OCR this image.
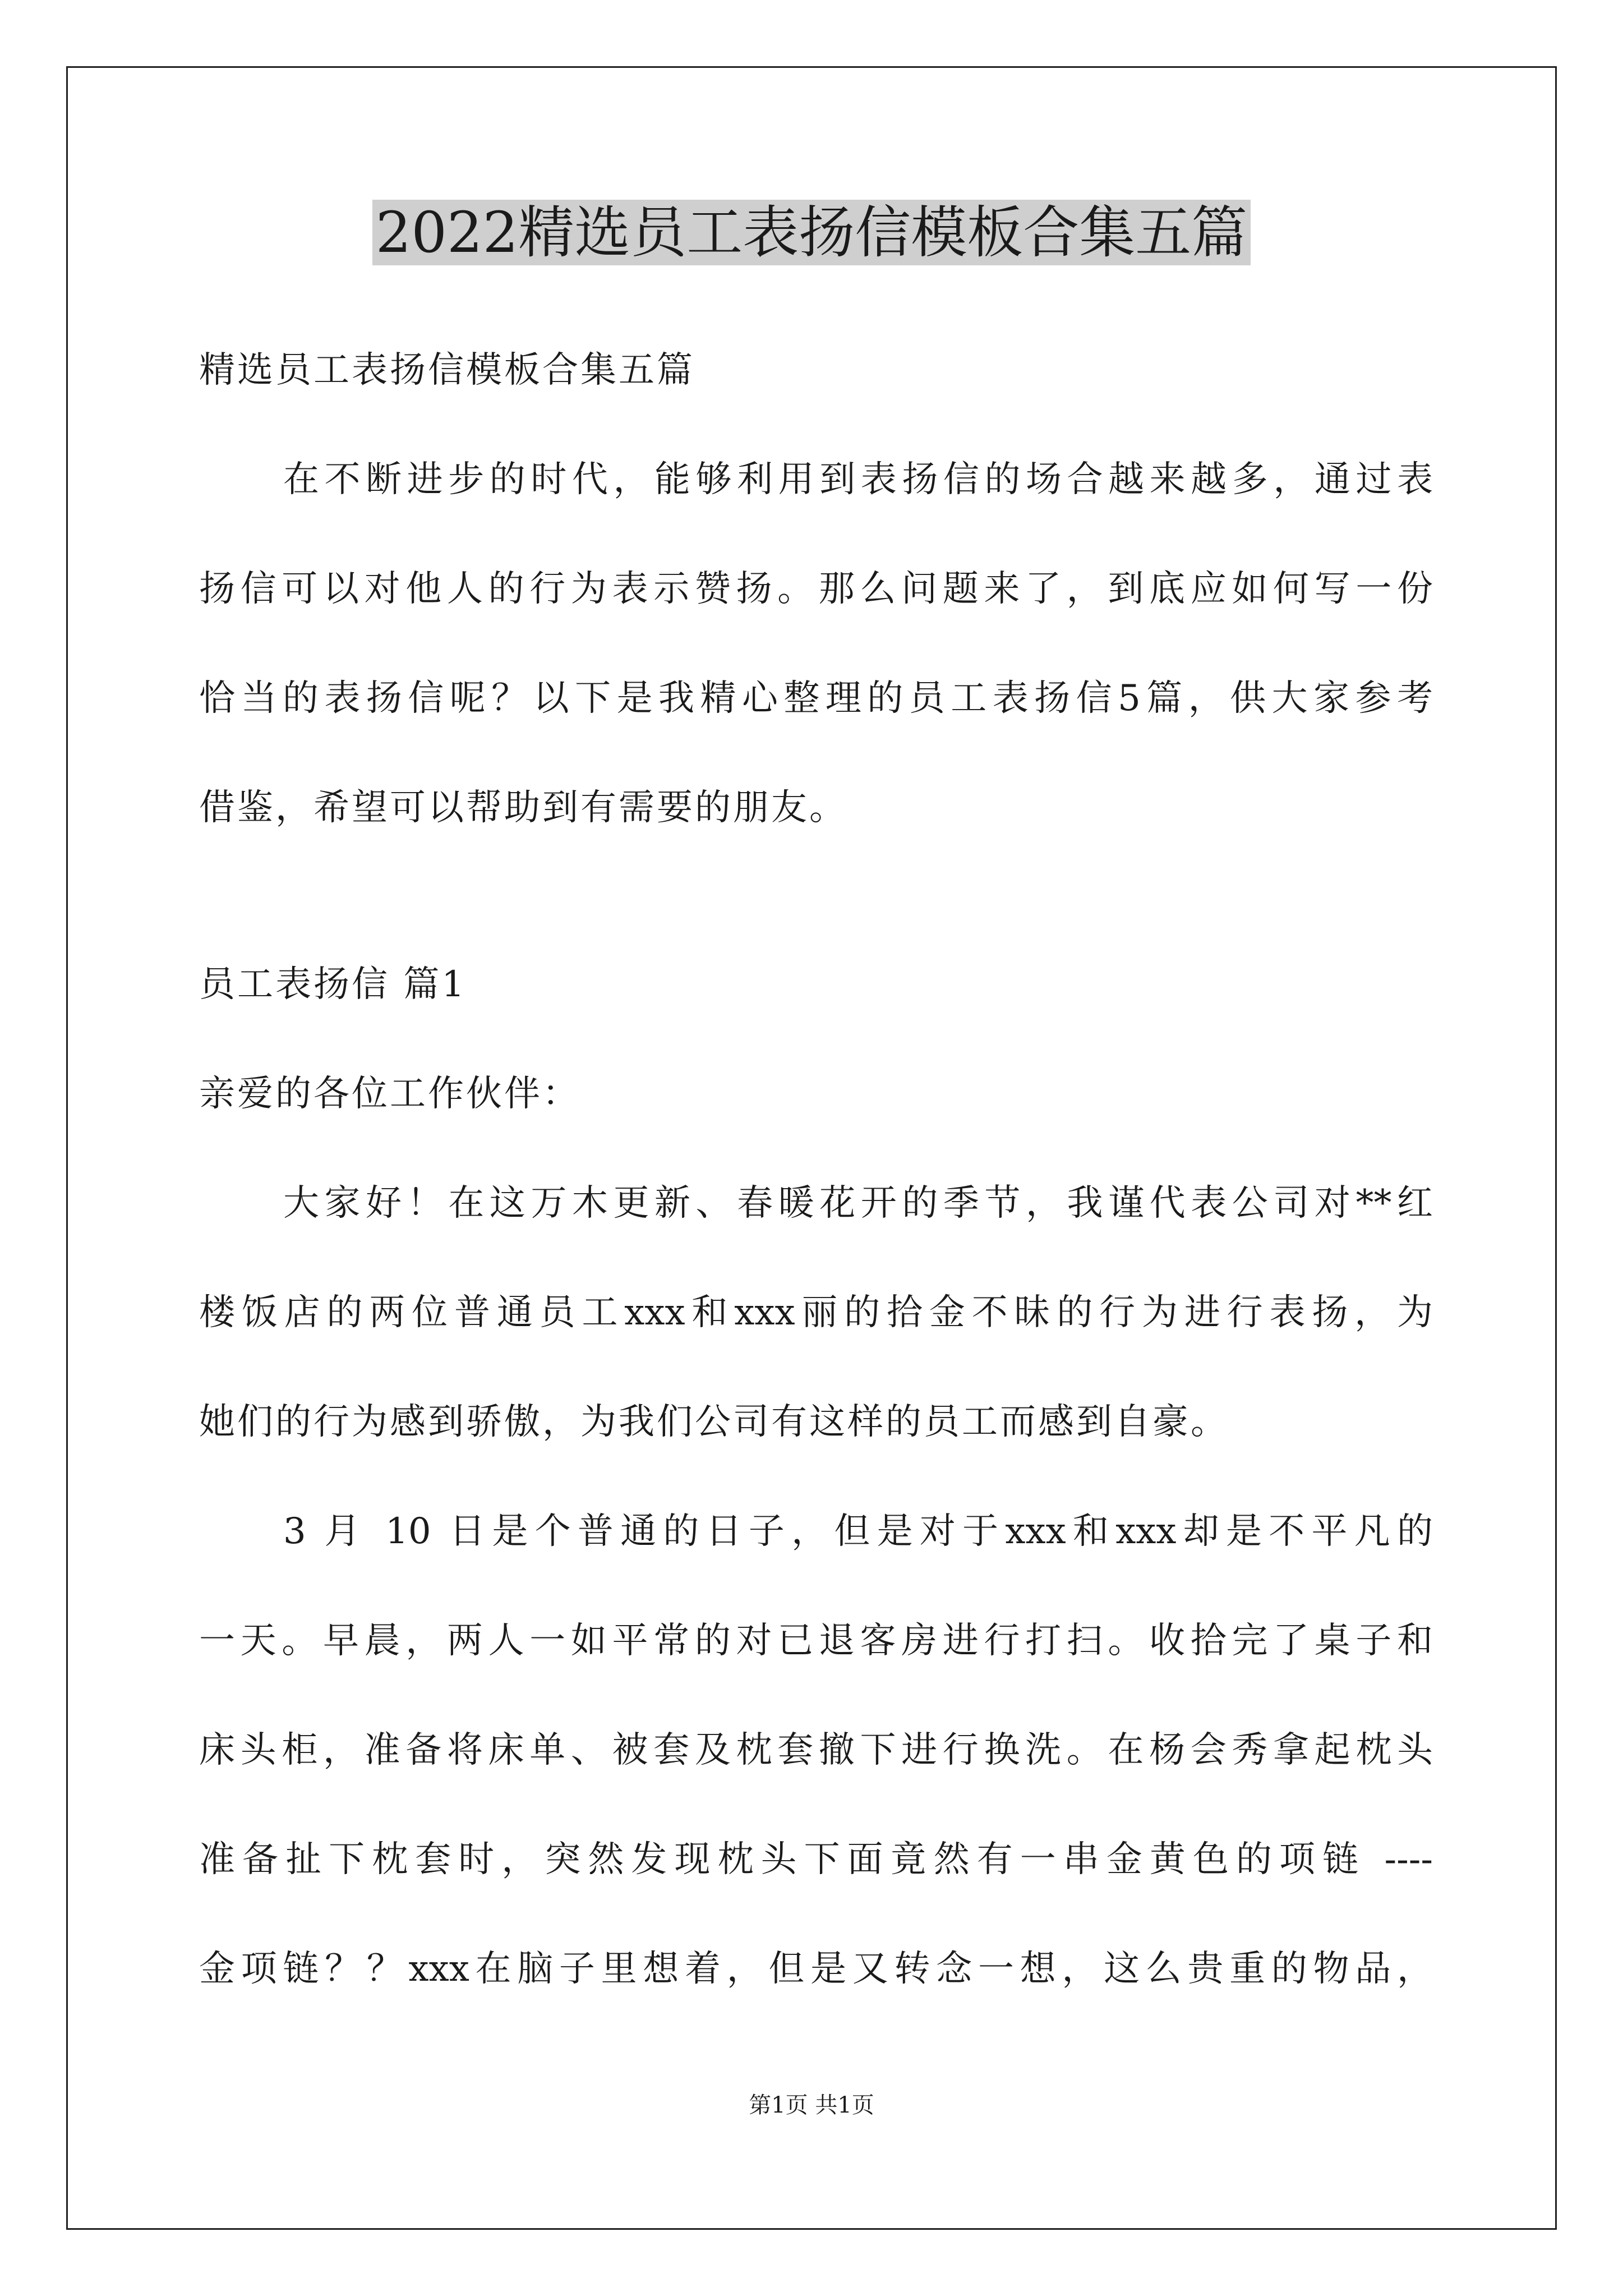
2022精选员工表扬信模板合集五篇
精选员工表扬信模板合集五篇
在不断进步的时代，能够利用到表扬信的场合越来越多，通过表
扬信可以对他人的行为表示赞扬。那么问题来了，到底应如何写一份
恰当的表扬信呢？以下是我精心整理的员工表扬信5篇，供大家参考
借鉴，希望可以帮助到有需要的朋友。
员工表扬信 篇1
亲爱的各位工作伙伴：
大家好！在这万木更新、春暖花开的季节，我谨代表公司对**红
楼饭店的两位普通员工xxx和xxx丽的拾金不昧的行为进行表扬，为
她们的行为感到骄傲，为我们公司有这样的员工而感到自豪。
3 月 10 日是个普通的日子，但是对于xxx和xxx却是不平凡的
一天。早晨，两人一如平常的对已退客房进行打扫。收拾完了桌子和
床头柜，准备将床单、被套及枕套撤下进行换洗。在杨会秀拿起枕头
准备扯下枕套时，突然发现枕头下面竟然有一串金黄色的项链 ----
金项链？？xxx在脑子里想着，但是又转念一想，这么贵重的物品，
第1页 共1页
